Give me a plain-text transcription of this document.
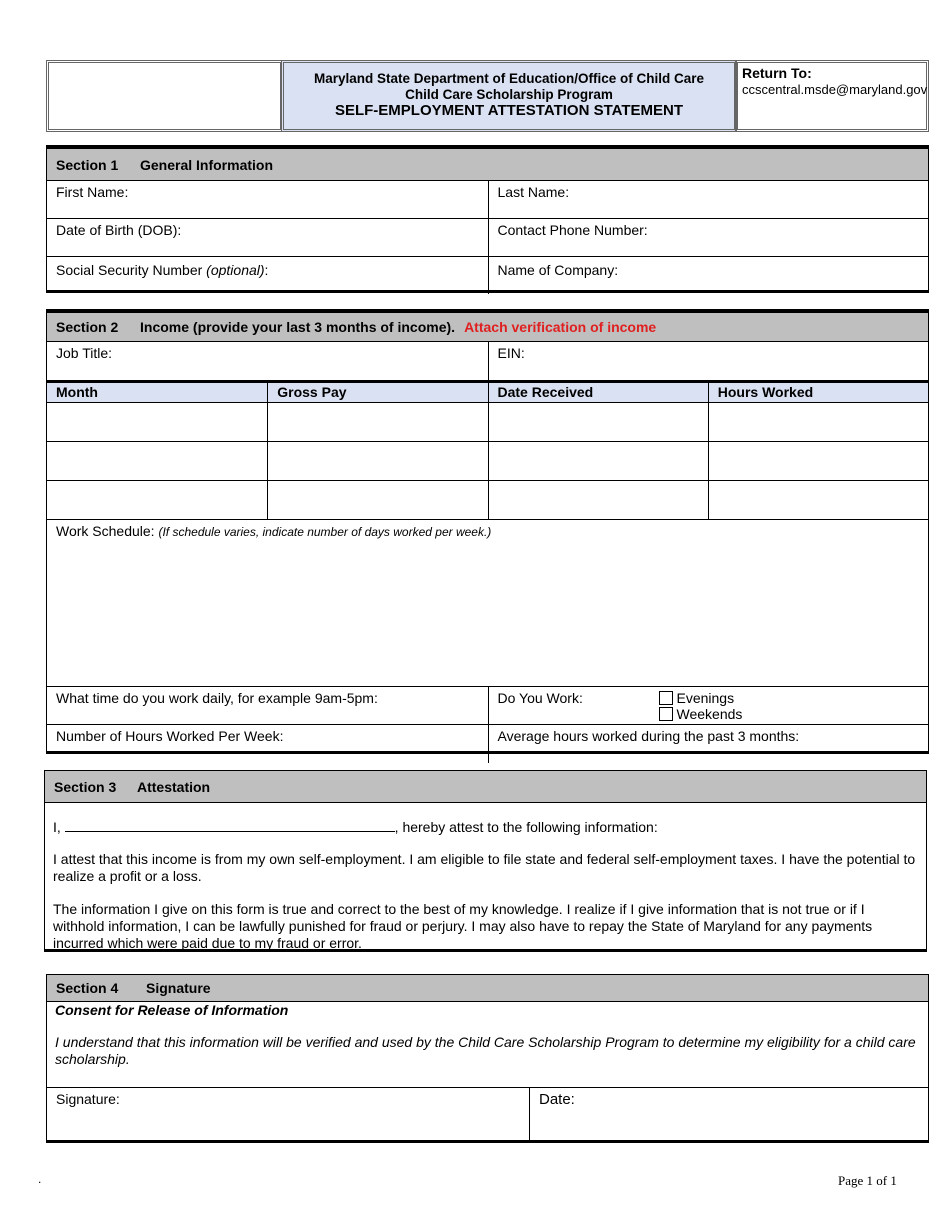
Maryland State Department of Education/Office of Child Care
Child Care Scholarship Program
SELF-EMPLOYMENT ATTESTATION STATEMENT
Return To:
ccscentral.msde@maryland.gov
Section 1	General Information
First Name:	Last Name:
Date of Birth (DOB):	Contact Phone Number:
Social Security Number (optional):	Name of Company:
Section 2	Income (provide your last 3 months of income). Attach verification of income
Job Title:	EIN:
Month	Gross Pay	Date Received	Hours Worked
Work Schedule: (If schedule varies, indicate number of days worked per week.)
What time do you work daily, for example 9am-5pm:	Do You Work:	Evenings
Weekends
Number of Hours Worked Per Week:	Average hours worked during the past 3 months:
Section 3	Attestation
I,	, hereby attest to the following information:
I attest that this income is from my own self-employment. I am eligible to file state and federal self-employment taxes. I have the potential to realize a profit or a loss.
The information I give on this form is true and correct to the best of my knowledge. I realize if I give information that is not true or if I withhold information, I can be lawfully punished for fraud or perjury. I may also have to repay the State of Maryland for any payments incurred which were paid due to my fraud or error.
Section 4	Signature
Consent for Release of Information
I understand that this information will be verified and used by the Child Care Scholarship Program to determine my eligibility for a child care scholarship.
Signature:	Date:
.	Page 1 of 1
